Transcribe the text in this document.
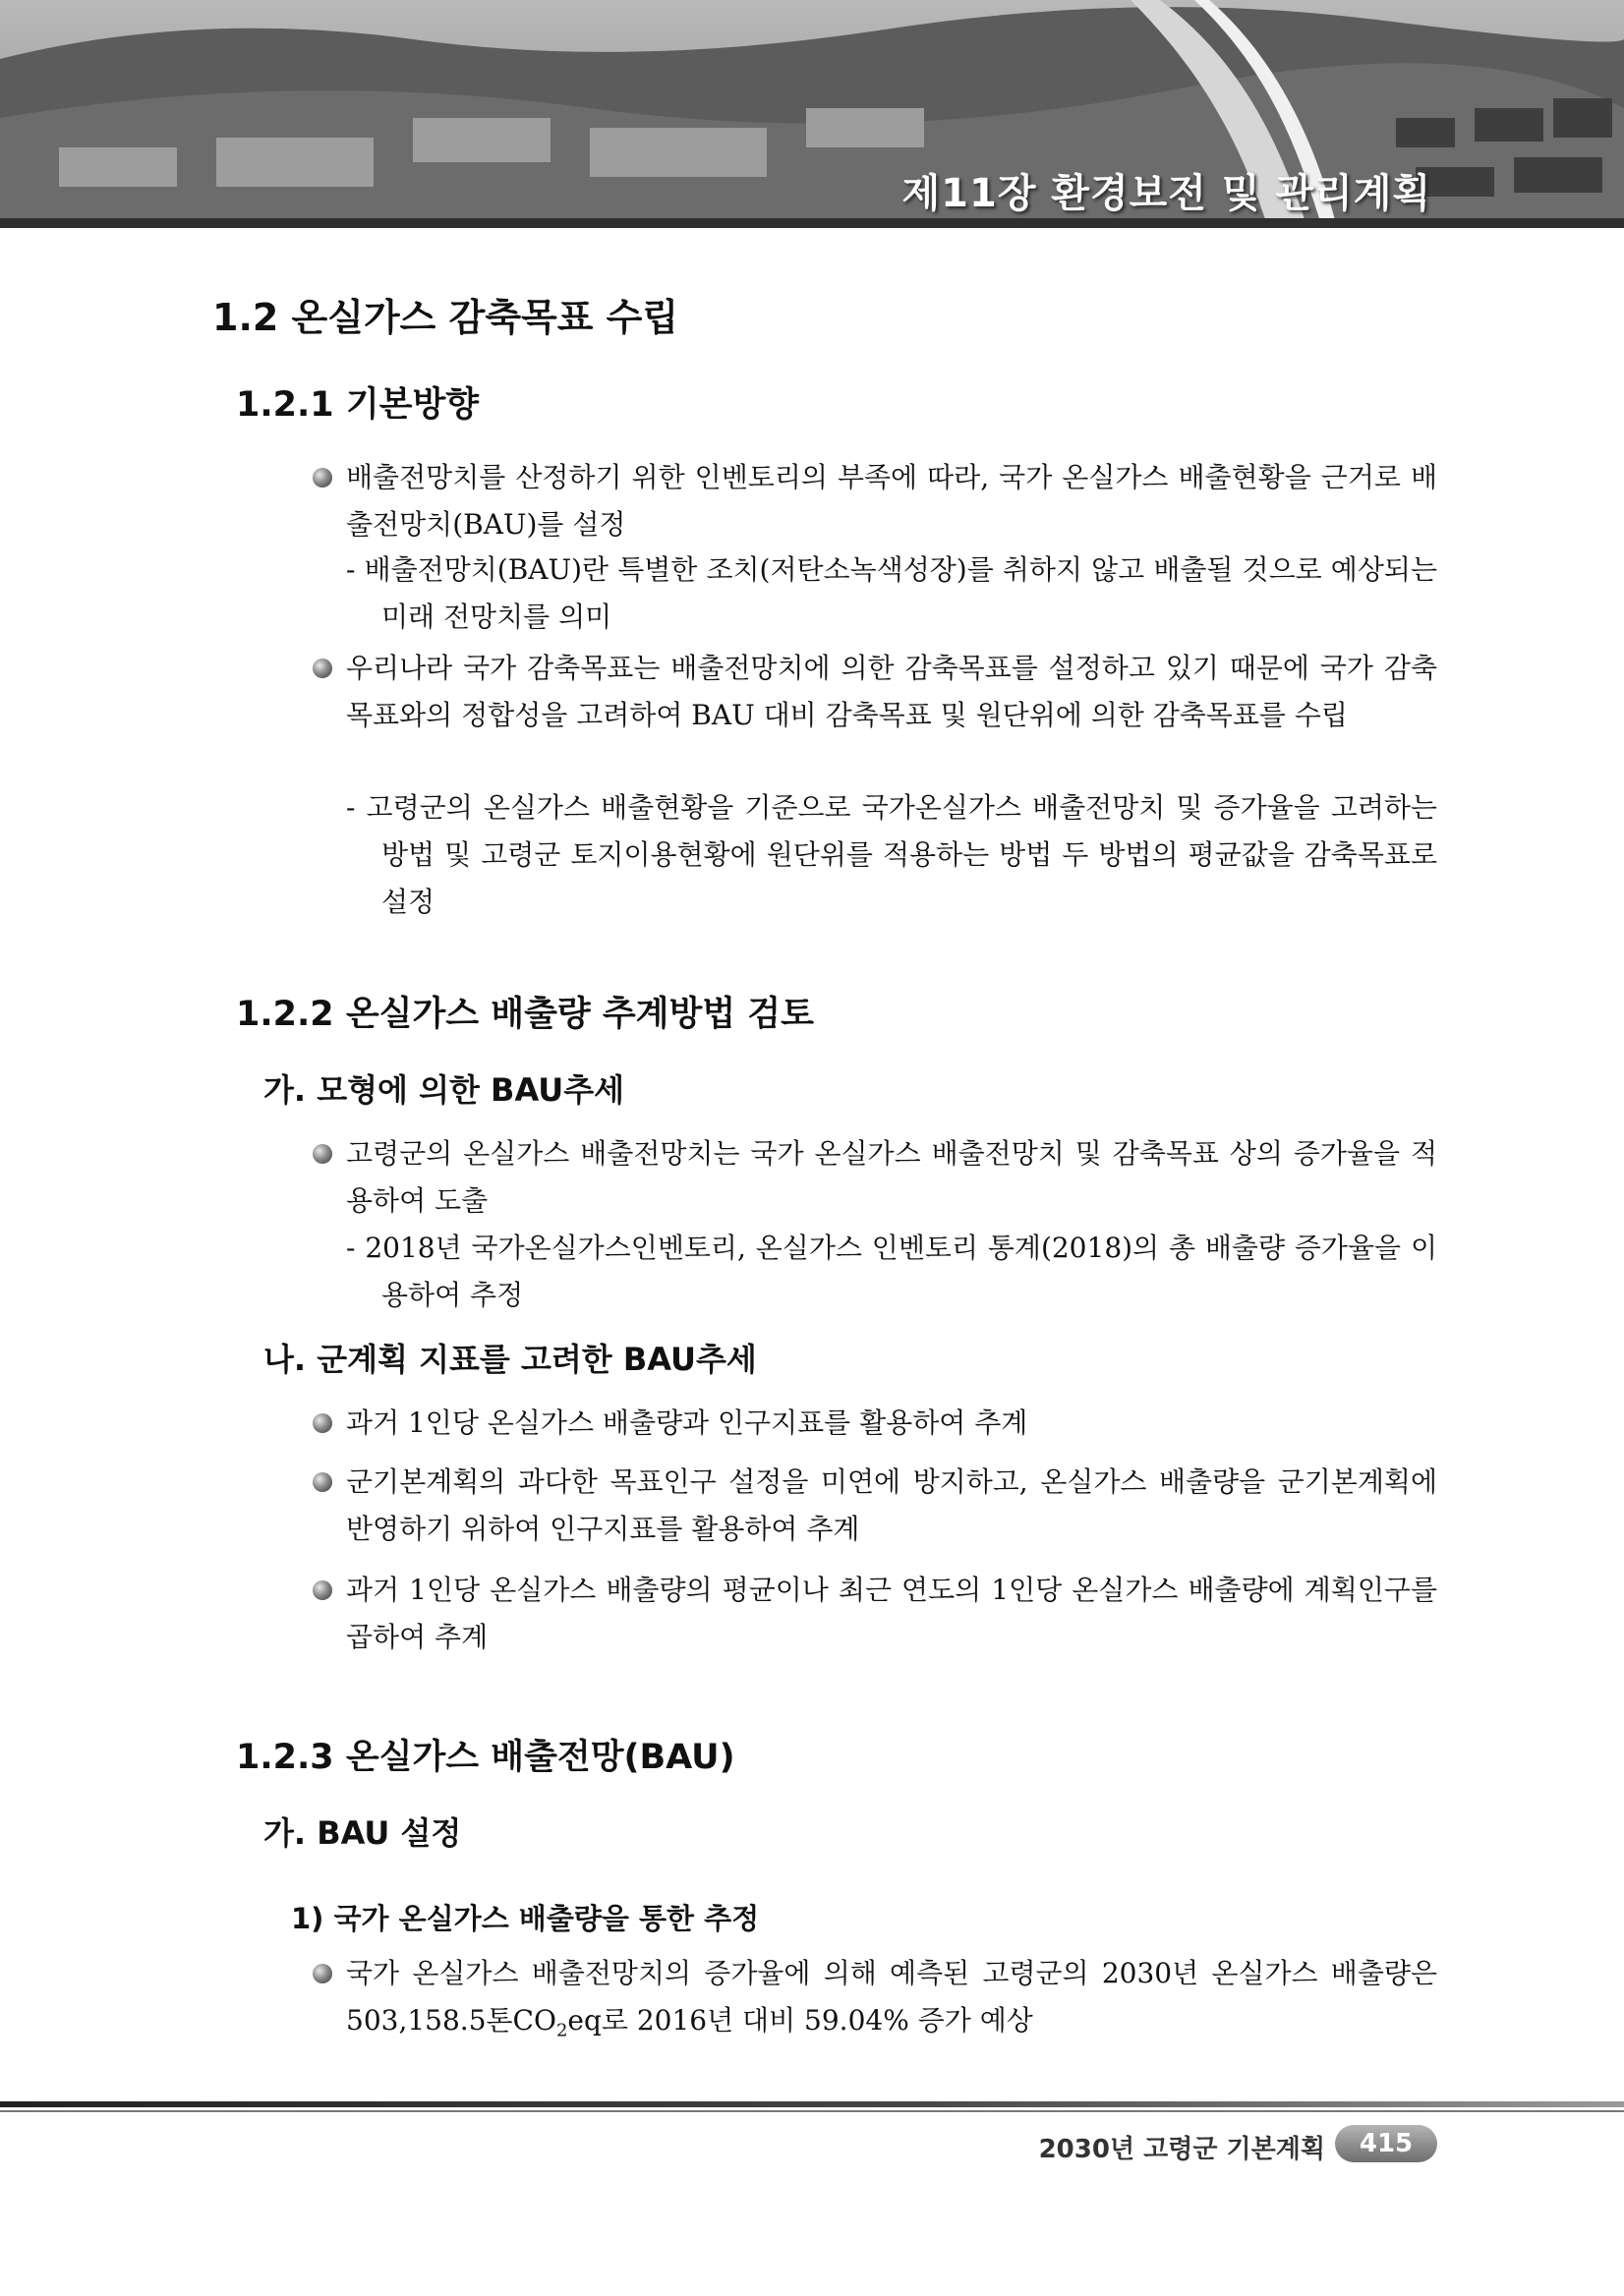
제11장 환경보전 및 관리계획
1.2 온실가스 감축목표 수립
1.2.1 기본방향
배출전망치를 산정하기 위한 인벤토리의 부족에 따라, 국가 온실가스 배출현황을 근거로 배출전망치(BAU)를 설정
- 배출전망치(BAU)란 특별한 조치(저탄소녹색성장)를 취하지 않고 배출될 것으로 예상되는 미래 전망치를 의미
우리나라 국가 감축목표는 배출전망치에 의한 감축목표를 설정하고 있기 때문에 국가 감축목표와의 정합성을 고려하여 BAU 대비 감축목표 및 원단위에 의한 감축목표를 수립
- 고령군의 온실가스 배출현황을 기준으로 국가온실가스 배출전망치 및 증가율을 고려하는 방법 및 고령군 토지이용현황에 원단위를 적용하는 방법 두 방법의 평균값을 감축목표로 설정
1.2.2 온실가스 배출량 추계방법 검토
가. 모형에 의한 BAU추세
고령군의 온실가스 배출전망치는 국가 온실가스 배출전망치 및 감축목표 상의 증가율을 적용하여 도출
- 2018년 국가온실가스인벤토리, 온실가스 인벤토리 통계(2018)의 총 배출량 증가율을 이용하여 추정
나. 군계획 지표를 고려한 BAU추세
과거 1인당 온실가스 배출량과 인구지표를 활용하여 추계
군기본계획의 과다한 목표인구 설정을 미연에 방지하고, 온실가스 배출량을 군기본계획에 반영하기 위하여 인구지표를 활용하여 추계
과거 1인당 온실가스 배출량의 평균이나 최근 연도의 1인당 온실가스 배출량에 계획인구를 곱하여 추계
1.2.3 온실가스 배출전망(BAU)
가. BAU 설정
1) 국가 온실가스 배출량을 통한 추정
국가 온실가스 배출전망치의 증가율에 의해 예측된 고령군의 2030년 온실가스 배출량은 503,158.5톤$CO_2eq$로 2016년 대비 59.04% 증가 예상
2030년 고령군 기본계획	415
